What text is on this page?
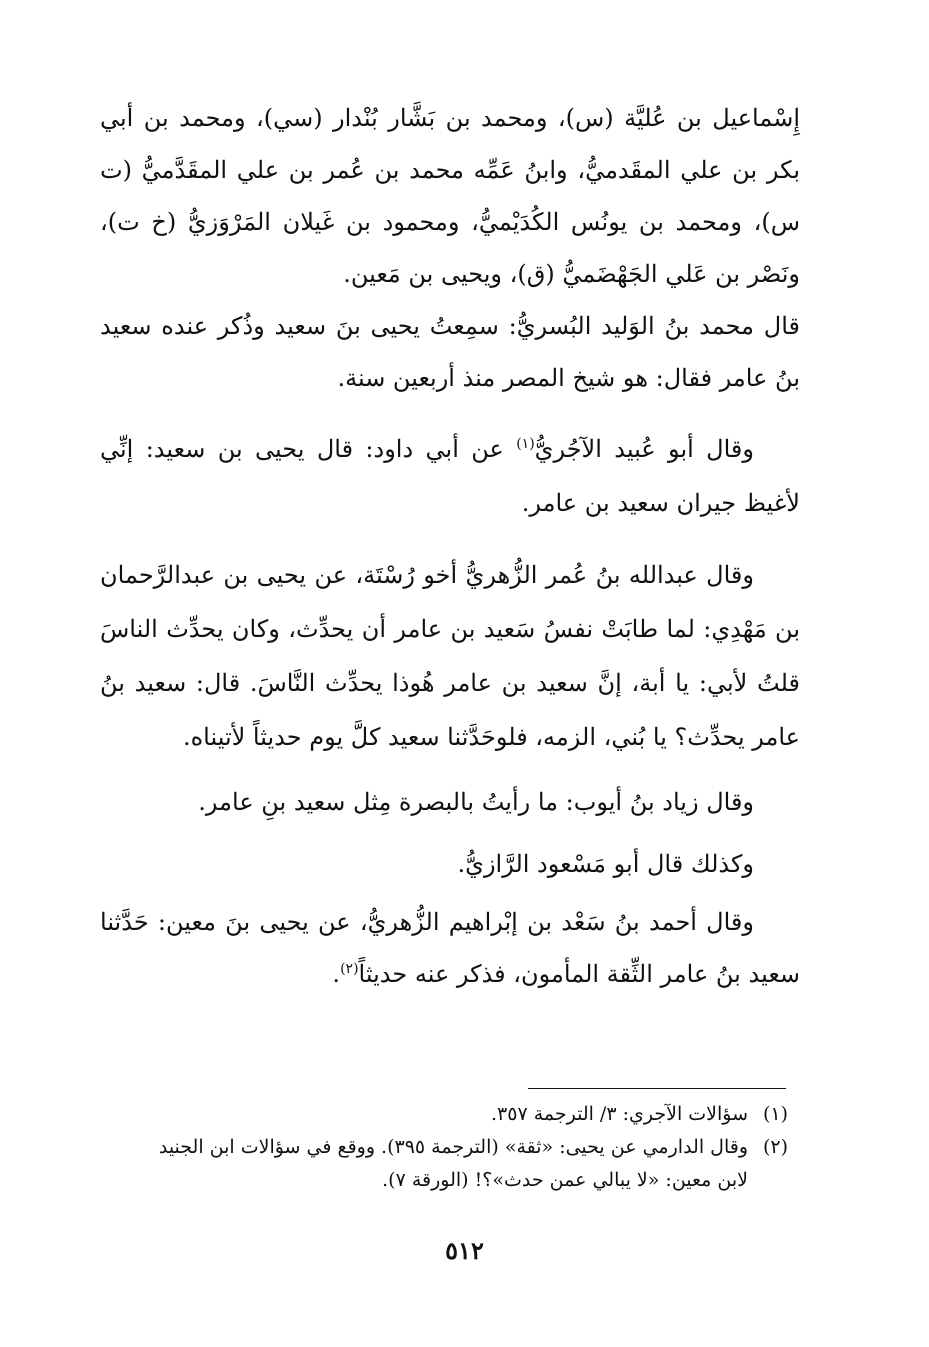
إِسْماعيل بن عُليَّة (س)، ومحمد بن بَشَّار بُنْدار (سي)، ومحمد بن أبي بكر بن علي المقَدميُّ، وابنُ عَمِّه محمد بن عُمر بن علي المقَدَّميُّ (ت س)، ومحمد بن يونُس الكُدَيْميُّ، ومحمود بن غَيلان المَرْوَزيُّ (خ ت)، ونَصْر بن عَلي الجَهْضَميُّ (ق)، ويحيى بن مَعين.

قال محمد بنُ الوَليد البُسريُّ: سمِعتُ يحيى بنَ سعيد وذُكر عنده سعيد بنُ عامر فقال: هو شيخ المصر منذ أربعين سنة.

وقال أبو عُبيد الآجُريُّ$^{(١)}$ عن أبي داود: قال يحيى بن سعيد: إنِّي لأغيظ جيران سعيد بن عامر.

وقال عبدالله بنُ عُمر الزُّهريُّ أخو رُسْتَة، عن يحيى بن عبدالرَّحمان بن مَهْدِي: لما طابَتْ نفسُ سَعيد بن عامر أن يحدِّث، وكان يحدِّث الناسَ قلتُ لأبي: يا أبة، إنَّ سعيد بن عامر هُوذا يحدِّث النَّاسَ. قال: سعيد بنُ عامر يحدِّث؟ يا بُني، الزمه، فلوحَدَّثنا سعيد كلَّ يوم حديثاً لأتيناه.

وقال زياد بنُ أيوب: ما رأيتُ بالبصرة مِثل سعيد بنِ عامر.

وكذلك قال أبو مَسْعود الرَّازيُّ.

وقال أحمد بنُ سَعْد بن إبْراهيم الزُّهريُّ، عن يحيى بنَ معين: حَدَّثنا سعيد بنُ عامر الثِّقة المأمون، فذكر عنه حديثاً$^{(٢)}$.

(١)سؤالات الآجري: ٣/ الترجمة ٣٥٧.

(٢)وقال الدارمي عن يحيى: «ثقة» (الترجمة ٣٩٥). ووقع في سؤالات ابن الجنيد

لابن معين: «لا يبالي عمن حدث»؟! (الورقة ٧).

٥١٢
